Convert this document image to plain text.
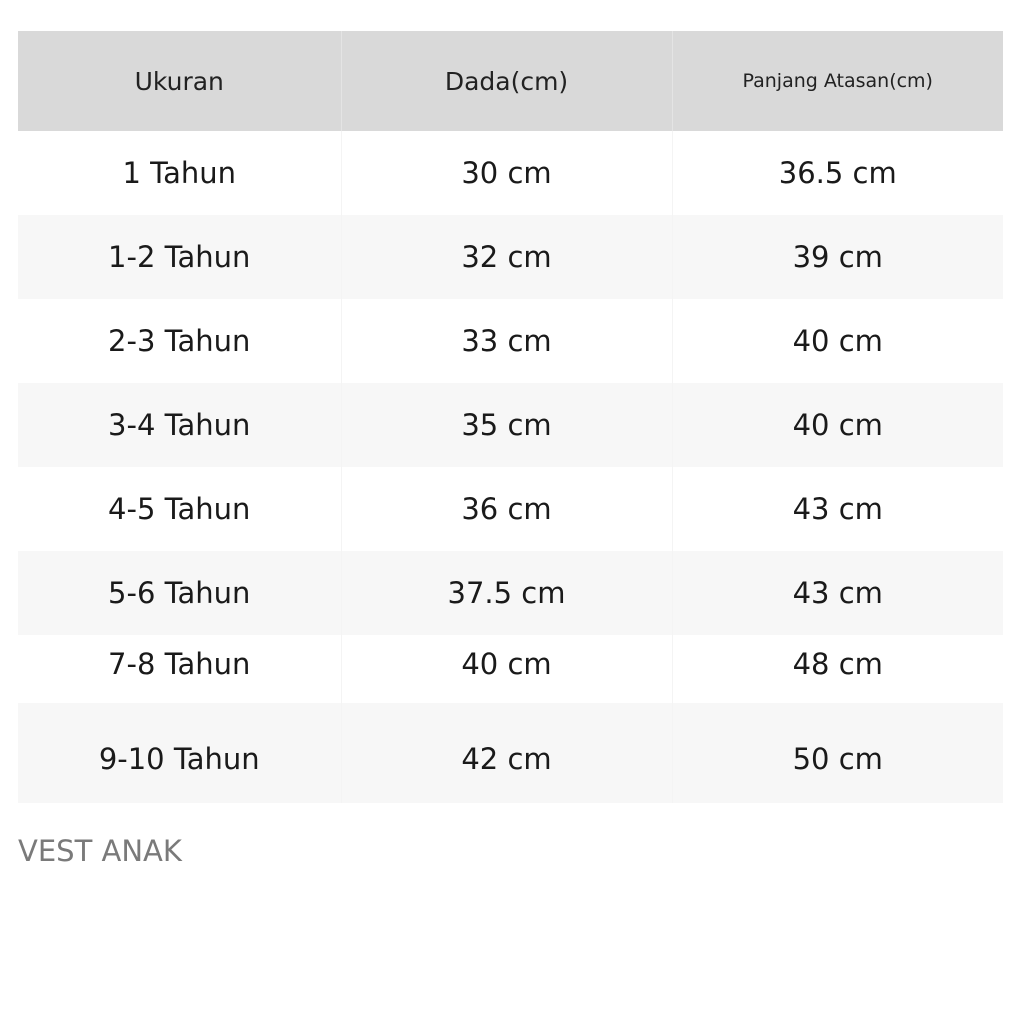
Ukuran	Dada(cm)	Panjang Atasan(cm)
1 Tahun	30 cm	36.5 cm
1-2 Tahun	32 cm	39 cm
2-3 Tahun	33 cm	40 cm
3-4 Tahun	35 cm	40 cm
4-5 Tahun	36 cm	43 cm
5-6 Tahun	37.5 cm	43 cm
7-8 Tahun	40 cm	48 cm
9-10 Tahun	42 cm	50 cm
VEST ANAK
